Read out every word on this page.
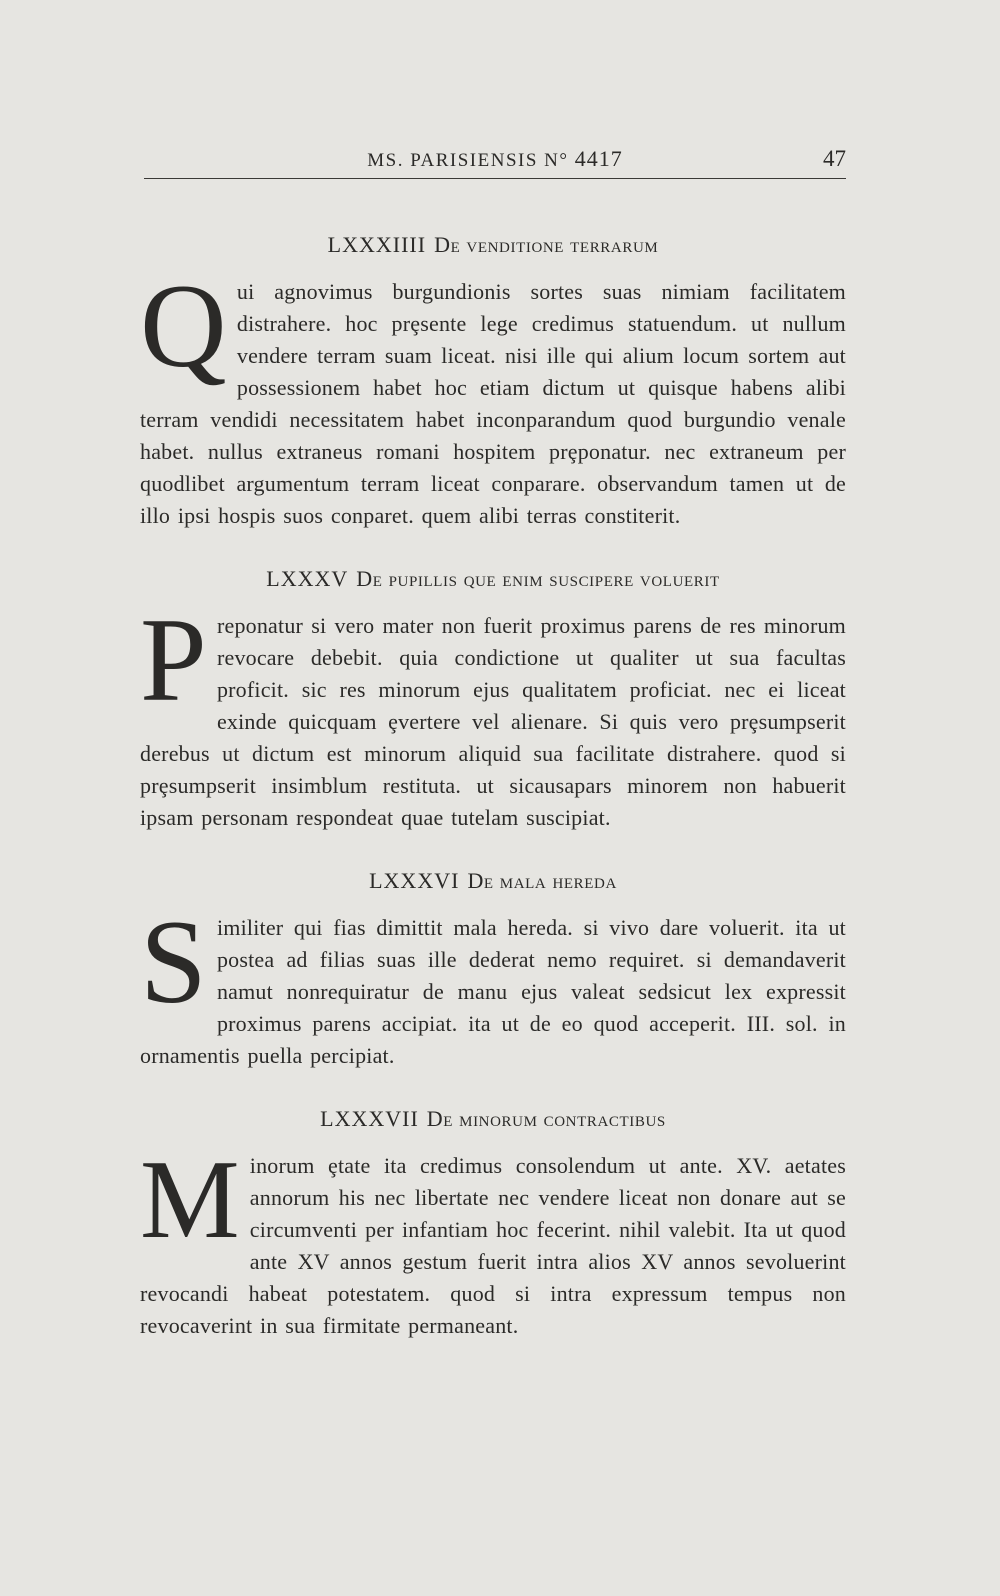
MS. PARISIENSIS N° 4417	47
LXXXIIII De venditione terrarum

Qui agnovimus burgundionis sortes suas nimiam facilitatem distrahere. hoc prȩsente lege credimus statuendum. ut nullum vendere terram suam liceat. nisi ille qui alium locum sortem aut possessionem habet hoc etiam dictum ut quisque habens alibi terram vendidi necessitatem habet inconparandum quod burgundio venale habet. nullus extraneus romani hospitem prȩponatur. nec extraneum per quodlibet argumentum terram liceat conparare. observandum tamen ut de illo ipsi hospis suos conparet. quem alibi terras constiterit.

LXXXV De pupillis que enim suscipere voluerit

Preponatur si vero mater non fuerit proximus parens de res minorum revocare debebit. quia condictione ut qualiter ut sua facultas proficit. sic res minorum ejus qualitatem proficiat. nec ei liceat exinde quicquam ȩvertere vel alienare. Si quis vero prȩsumpserit derebus ut dictum est minorum aliquid sua facilitate distrahere. quod si prȩsumpserit insimblum restituta. ut sicausapars minorem non habuerit ipsam personam respondeat quae tutelam suscipiat.

LXXXVI De mala hereda

Similiter qui fias dimittit mala hereda. si vivo dare voluerit. ita ut postea ad filias suas ille dederat nemo requiret. si demandaverit namut nonrequiratur de manu ejus valeat sedsicut lex expressit proximus parens accipiat. ita ut de eo quod acceperit. III. sol. in ornamentis puella percipiat.

LXXXVII De minorum contractibus

Minorum ȩtate ita credimus consolendum ut ante. XV. aetates annorum his nec libertate nec vendere liceat non donare aut se circumventi per infantiam hoc fecerint. nihil valebit. Ita ut quod ante XV annos gestum fuerit intra alios XV annos sevoluerint revocandi habeat potestatem. quod si intra expressum tempus non revocaverint in sua firmitate permaneant.
